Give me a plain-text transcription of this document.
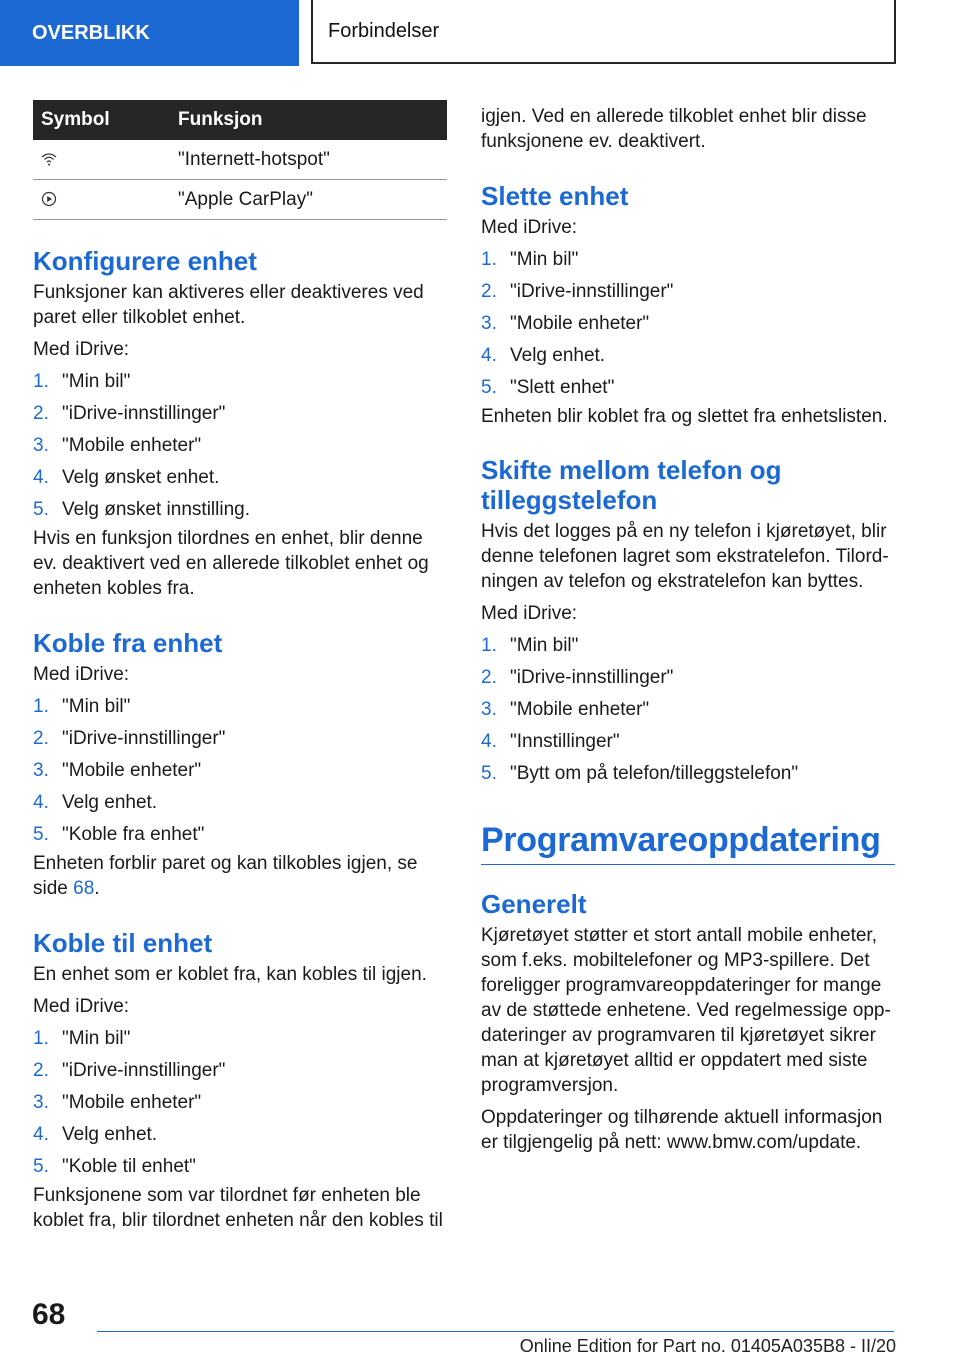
OVERBLIKK	Forbindelser
Symbol	Funksjon
	"Internett-hotspot"
	"Apple CarPlay"
Konfigurere enhet

Funksjoner kan aktiveres eller deaktiveres ved paret eller tilkoblet enhet.

Med iDrive:

1. "Min bil"
2. "iDrive-innstillinger"
3. "Mobile enheter"
4. Velg ønsket enhet.
5. Velg ønsket innstilling.

Hvis en funksjon tilordnes en enhet, blir denne ev. deaktivert ved en allerede tilkoblet enhet og enheten kobles fra.

Koble fra enhet

Med iDrive:

1. "Min bil"
2. "iDrive-innstillinger"
3. "Mobile enheter"
4. Velg enhet.
5. "Koble fra enhet"

Enheten forblir paret og kan tilkobles igjen, se side 68.

Koble til enhet

En enhet som er koblet fra, kan kobles til igjen.

Med iDrive:

1. "Min bil"
2. "iDrive-innstillinger"
3. "Mobile enheter"
4. Velg enhet.
5. "Koble til enhet"

Funksjonene som var tilordnet før enheten ble koblet fra, blir tilordnet enheten når den kobles til

igjen. Ved en allerede tilkoblet enhet blir disse funksjonene ev. deaktivert.

Slette enhet

Med iDrive:

1. "Min bil"
2. "iDrive-innstillinger"
3. "Mobile enheter"
4. Velg enhet.
5. "Slett enhet"

Enheten blir koblet fra og slettet fra enhetslisten.

Skifte mellom telefon og tilleggstelefon

Hvis det logges på en ny telefon i kjøretøyet, blir denne telefonen lagret som ekstratelefon. Tilordningen av telefon og ekstratelefon kan byttes.

Med iDrive:

1. "Min bil"
2. "iDrive-innstillinger"
3. "Mobile enheter"
4. "Innstillinger"
5. "Bytt om på telefon/tilleggstelefon"
Programvareoppdatering
Generelt

Kjøretøyet støtter et stort antall mobile enheter, som f.eks. mobiltelefoner og MP3-spillere. Det foreligger programvareoppdateringer for mange av de støttede enhetene. Ved regelmessige oppdateringer av programvaren til kjøretøyet sikrer man at kjøretøyet alltid er oppdatert med siste programversjon.

Oppdateringer og tilhørende aktuell informasjon er tilgjengelig på nett: www.bmw.com/update.

68
Online Edition for Part no. 01405A035B8 - II/20
